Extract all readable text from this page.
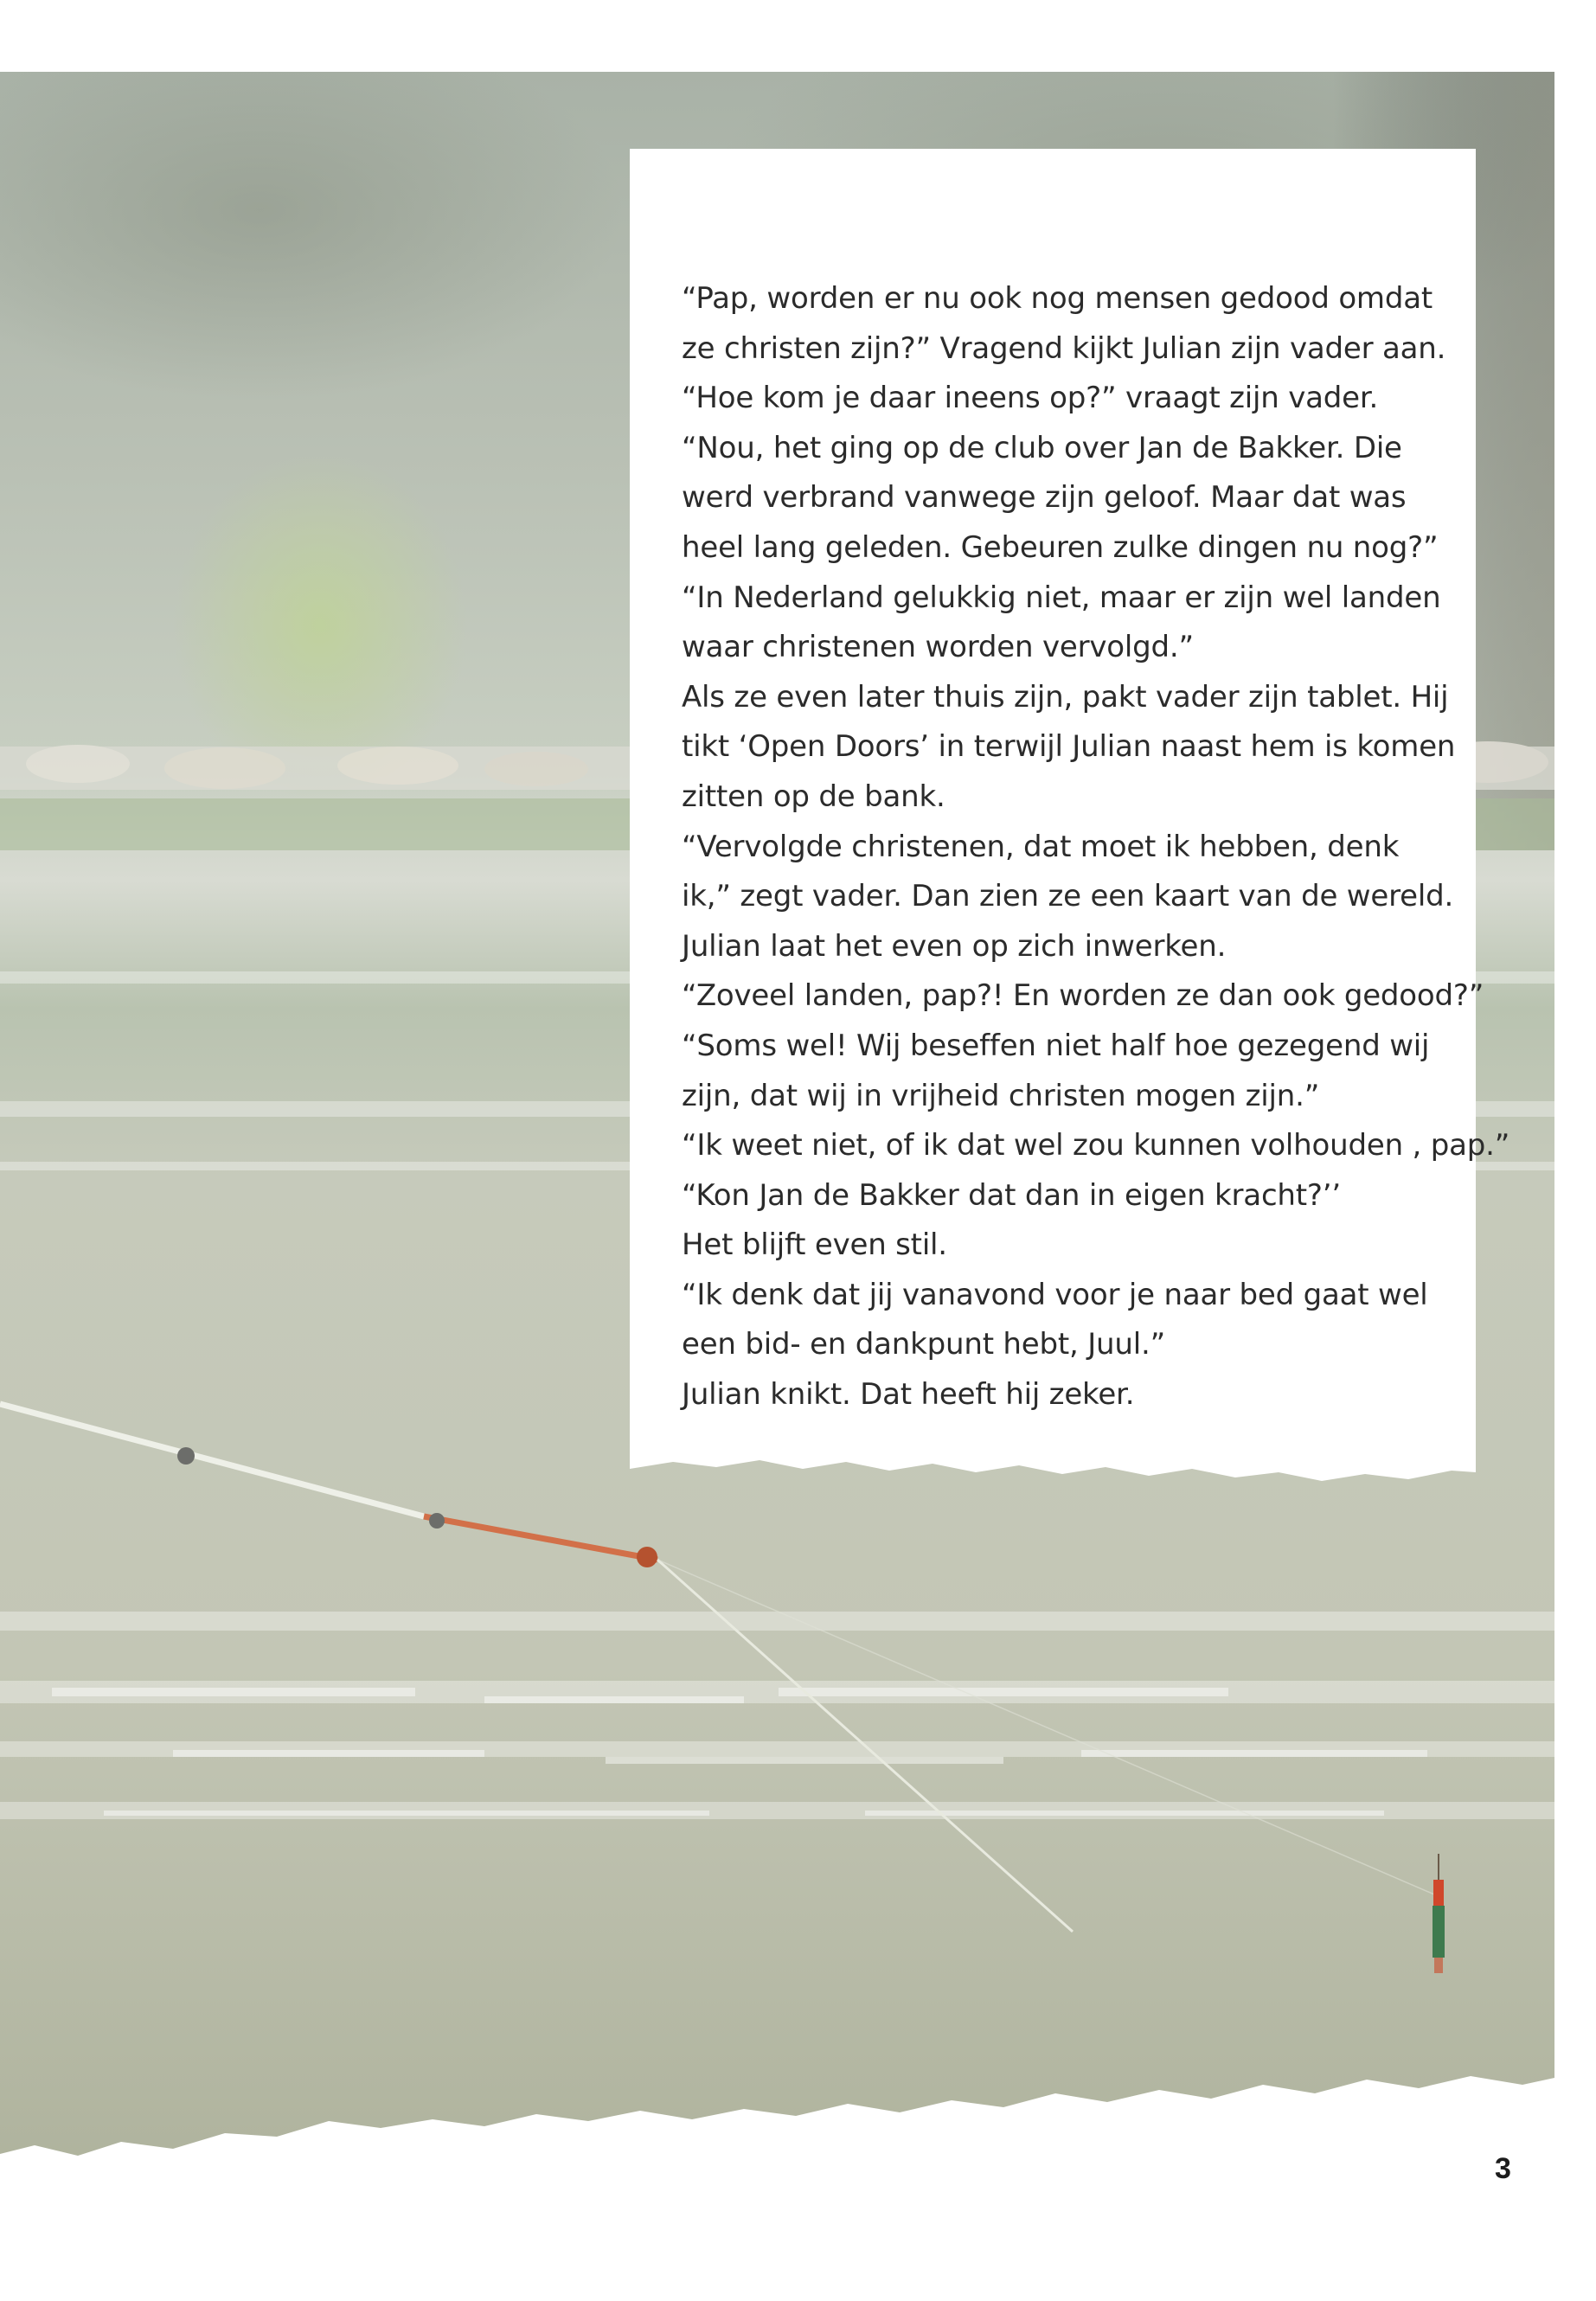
“Pap, worden er nu ook nog mensen gedood omdat
ze christen zijn?” Vragend kijkt Julian zijn vader aan.
“Hoe kom je daar ineens op?” vraagt zijn vader.
“Nou, het ging op de club over Jan de Bakker. Die
werd verbrand vanwege zijn geloof. Maar dat was
heel lang geleden. Gebeuren zulke dingen nu nog?”
“In Nederland gelukkig niet, maar er zijn wel landen
waar christenen worden vervolgd.”
Als ze even later thuis zijn, pakt vader zijn tablet. Hij
tikt ‘Open Doors’ in terwijl Julian naast hem is komen
zitten op de bank.
“Vervolgde christenen, dat moet ik hebben, denk
ik,” zegt vader. Dan zien ze een kaart van de wereld.
Julian laat het even op zich inwerken.
“Zoveel landen, pap?! En worden ze dan ook gedood?”
“Soms wel! Wij beseffen niet half hoe gezegend wij
zijn, dat wij in vrijheid christen mogen zijn.”
“Ik weet niet, of ik dat wel zou kunnen volhouden , pap.”
“Kon Jan de Bakker dat dan in eigen kracht?’’
Het blijft even stil.
“Ik denk dat jij vanavond voor je naar bed gaat wel
een bid- en dankpunt hebt, Juul.”
Julian knikt. Dat heeft hij zeker.
3
